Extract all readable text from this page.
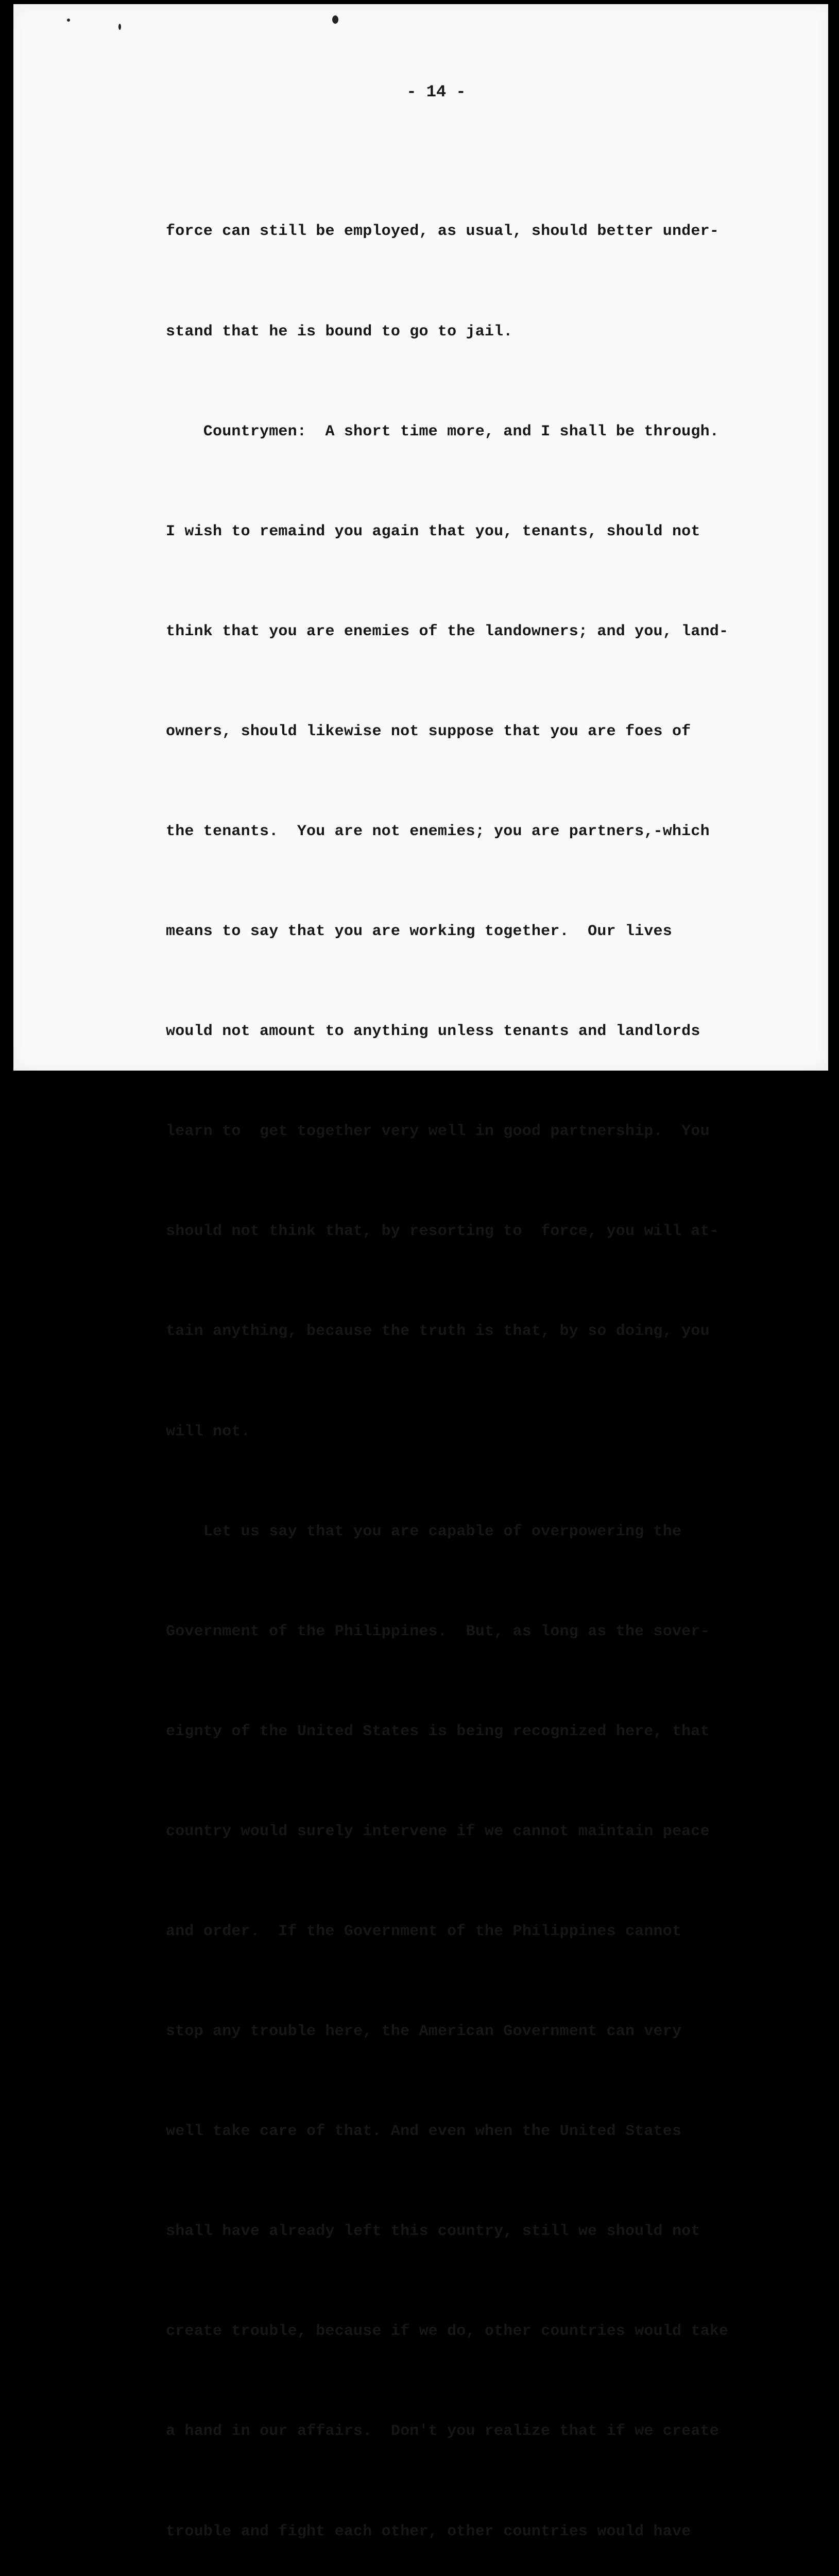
- 14 -

force can still be employed, as usual, should better under-

stand that he is bound to go to jail.

Countrymen:  A short time more, and I shall be through.

I wish to remaind you again that you, tenants, should not

think that you are enemies of the landowners; and you, land-

owners, should likewise not suppose that you are foes of

the tenants.  You are not enemies; you are partners,-which

means to say that you are working together.  Our lives

would not amount to anything unless tenants and landlords

learn to  get together very well in good partnership.  You

should not think that, by resorting to  force, you will at-

tain anything, because the truth is that, by so doing, you

will not.

Let us say that you are capable of overpowering the

Government of the Philippines.  But, as long as the sover-

eignty of the United States is being recognized here, that

country would surely intervene if we cannot maintain peace

and order.  If the Government of the Philippines cannot

stop any trouble here, the American Government can very

well take care of that. And even when the United States

shall have already left this country, still we should not

create trouble, because if we do, other countries would take

a hand in our affairs.  Don't you realize that if we create

trouble and fight each other, other countries would have
